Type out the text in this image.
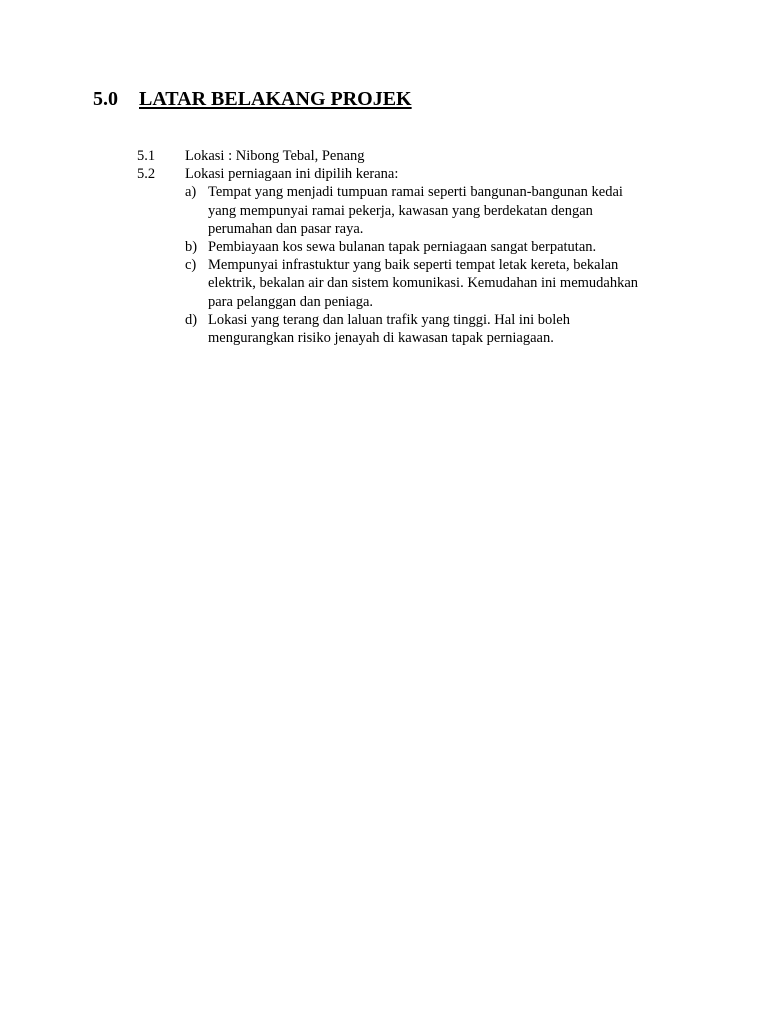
5.0 LATAR BELAKANG PROJEK
5.1 Lokasi : Nibong Tebal, Penang
5.2 Lokasi perniagaan ini dipilih kerana:
a) Tempat yang menjadi tumpuan ramai seperti bangunan-bangunan kedai
yang mempunyai ramai pekerja, kawasan yang berdekatan dengan
perumahan dan pasar raya.
b) Pembiayaan kos sewa bulanan tapak perniagaan sangat berpatutan.
c) Mempunyai infrastuktur yang baik seperti tempat letak kereta, bekalan
elektrik, bekalan air dan sistem komunikasi. Kemudahan ini memudahkan
para pelanggan dan peniaga.
d) Lokasi yang terang dan laluan trafik yang tinggi. Hal ini boleh
mengurangkan risiko jenayah di kawasan tapak perniagaan.
